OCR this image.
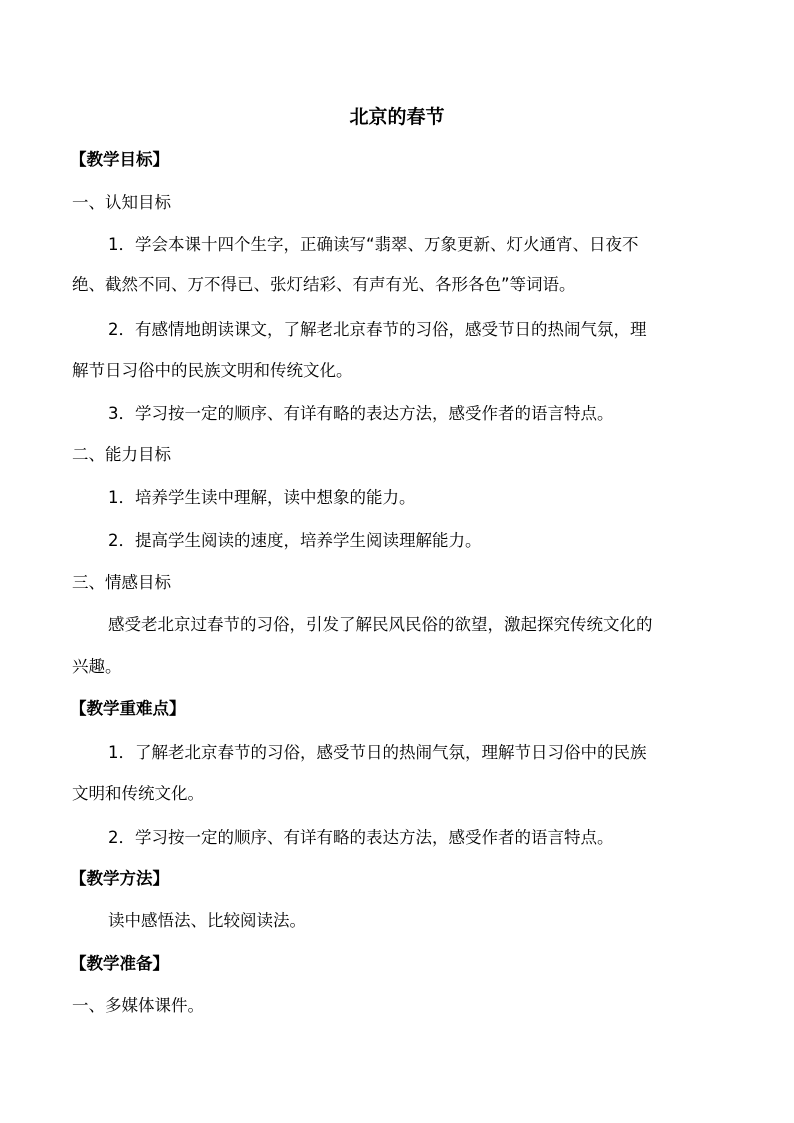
北京的春节
【教学目标】
一、认知目标
1．学会本课十四个生字，正确读写“翡翠、万象更新、灯火通宵、日夜不
绝、截然不同、万不得已、张灯结彩、有声有光、各形各色”等词语。
2．有感情地朗读课文，了解老北京春节的习俗，感受节日的热闹气氛，理
解节日习俗中的民族文明和传统文化。
3．学习按一定的顺序、有详有略的表达方法，感受作者的语言特点。
二、能力目标
1．培养学生读中理解，读中想象的能力。
2．提高学生阅读的速度，培养学生阅读理解能力。
三、情感目标
感受老北京过春节的习俗，引发了解民风民俗的欲望，激起探究传统文化的
兴趣。
【教学重难点】
1．了解老北京春节的习俗，感受节日的热闹气氛，理解节日习俗中的民族
文明和传统文化。
2．学习按一定的顺序、有详有略的表达方法，感受作者的语言特点。
【教学方法】
读中感悟法、比较阅读法。
【教学准备】
一、多媒体课件。
